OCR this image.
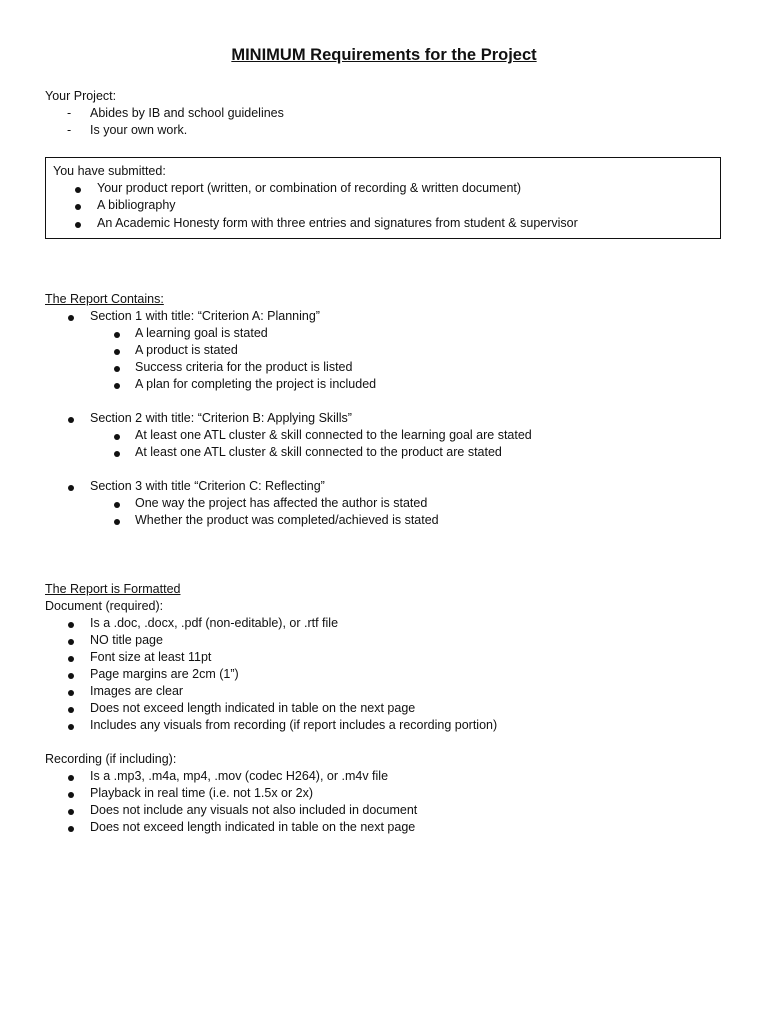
MINIMUM Requirements for the Project
Your Project:
-	Abides by IB and school guidelines
-	Is your own work.
You have submitted:
Your product report (written, or combination of recording & written document)
A bibliography
An Academic Honesty form with three entries and signatures from student & supervisor
The Report Contains:
Section 1 with title: “Criterion A: Planning”
A learning goal is stated
A product is stated
Success criteria for the product is listed
A plan for completing the project is included
Section 2 with title: “Criterion B: Applying Skills”
At least one ATL cluster & skill connected to the learning goal are stated
At least one ATL cluster & skill connected to the product are stated
Section 3 with title “Criterion C: Reflecting”
One way the project has affected the author is stated
Whether the product was completed/achieved is stated
The Report is Formatted
Document (required):
Is a .doc, .docx, .pdf (non-editable), or .rtf file
NO title page
Font size at least 11pt
Page margins are 2cm (1”)
Images are clear
Does not exceed length indicated in table on the next page
Includes any visuals from recording (if report includes a recording portion)
Recording (if including):
Is a .mp3, .m4a, mp4, .mov (codec H264), or .m4v file
Playback in real time (i.e. not 1.5x or 2x)
Does not include any visuals not also included in document
Does not exceed length indicated in table on the next page
